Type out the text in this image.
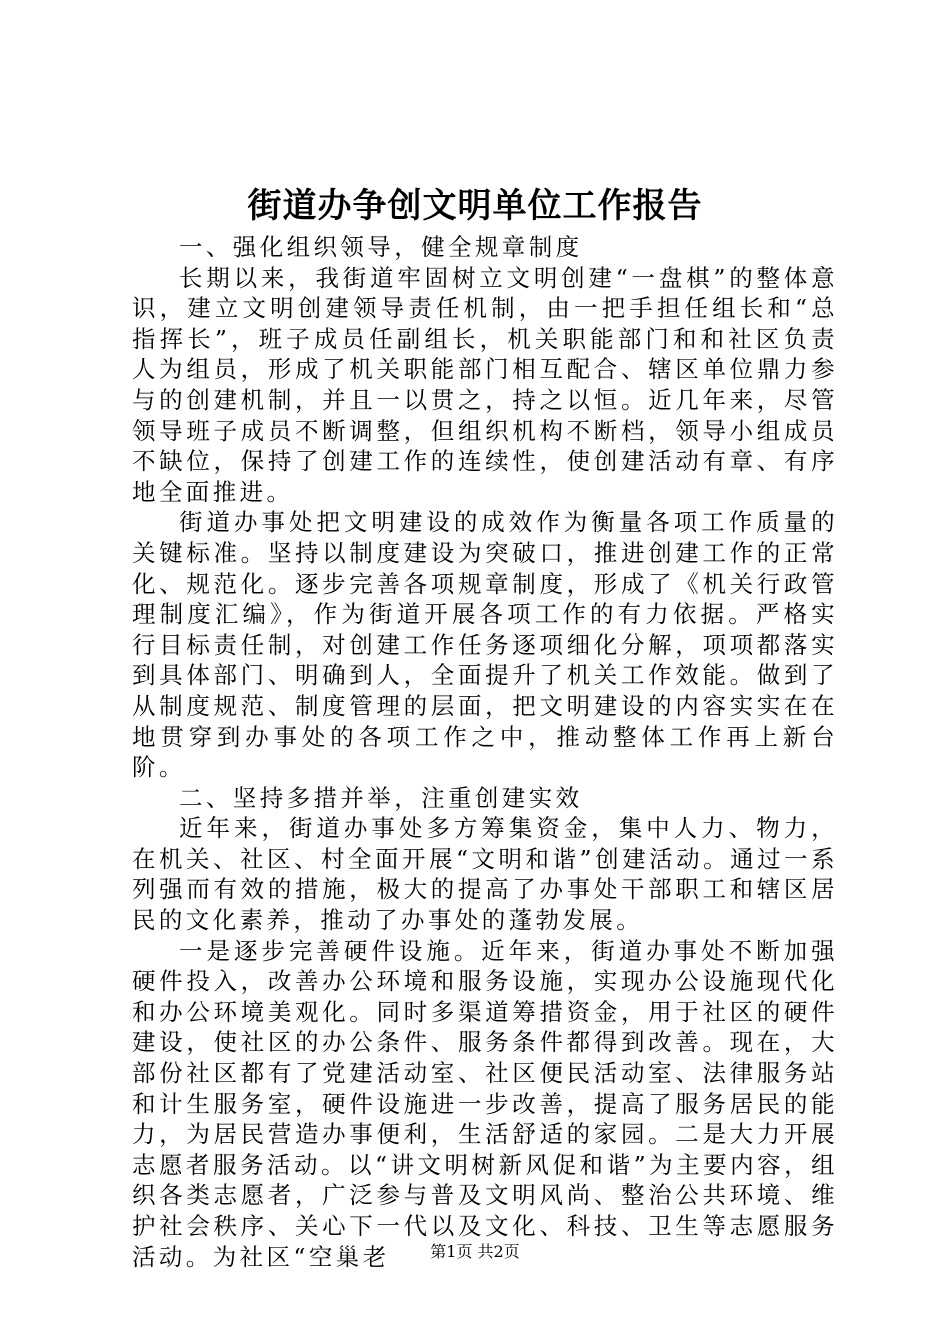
街道办争创文明单位工作报告

一、强化组织领导，健全规章制度

长期以来，我街道牢固树立文明创建“一盘棋”的整体意识，建立文明创建领导责任机制，由一把手担任组长和“总指挥长”，班子成员任副组长，机关职能部门和和社区负责人为组员，形成了机关职能部门相互配合、辖区单位鼎力参与的创建机制，并且一以贯之，持之以恒。近几年来，尽管领导班子成员不断调整，但组织机构不断档，领导小组成员不缺位，保持了创建工作的连续性，使创建活动有章、有序地全面推进。

街道办事处把文明建设的成效作为衡量各项工作质量的关键标准。坚持以制度建设为突破口，推进创建工作的正常化、规范化。逐步完善各项规章制度，形成了《机关行政管理制度汇编》，作为街道开展各项工作的有力依据。严格实行目标责任制，对创建工作任务逐项细化分解，项项都落实到具体部门、明确到人，全面提升了机关工作效能。做到了从制度规范、制度管理的层面，把文明建设的内容实实在在地贯穿到办事处的各项工作之中，推动整体工作再上新台阶。

二、坚持多措并举，注重创建实效

近年来，街道办事处多方筹集资金，集中人力、物力，在机关、社区、村全面开展“文明和谐”创建活动。通过一系列强而有效的措施，极大的提高了办事处干部职工和辖区居民的文化素养，推动了办事处的蓬勃发展。

一是逐步完善硬件设施。近年来，街道办事处不断加强硬件投入，改善办公环境和服务设施，实现办公设施现代化和办公环境美观化。同时多渠道筹措资金，用于社区的硬件建设，使社区的办公条件、服务条件都得到改善。现在，大部份社区都有了党建活动室、社区便民活动室、法律服务站和计生服务室，硬件设施进一步改善，提高了服务居民的能力，为居民营造办事便利，生活舒适的家园。二是大力开展志愿者服务活动。以“讲文明树新风促和谐”为主要内容，组织各类志愿者，广泛参与普及文明风尚、整治公共环境、维护社会秩序、关心下一代以及文化、科技、卫生等志愿服务活动。为社区“空巢老	第1页 共2页
